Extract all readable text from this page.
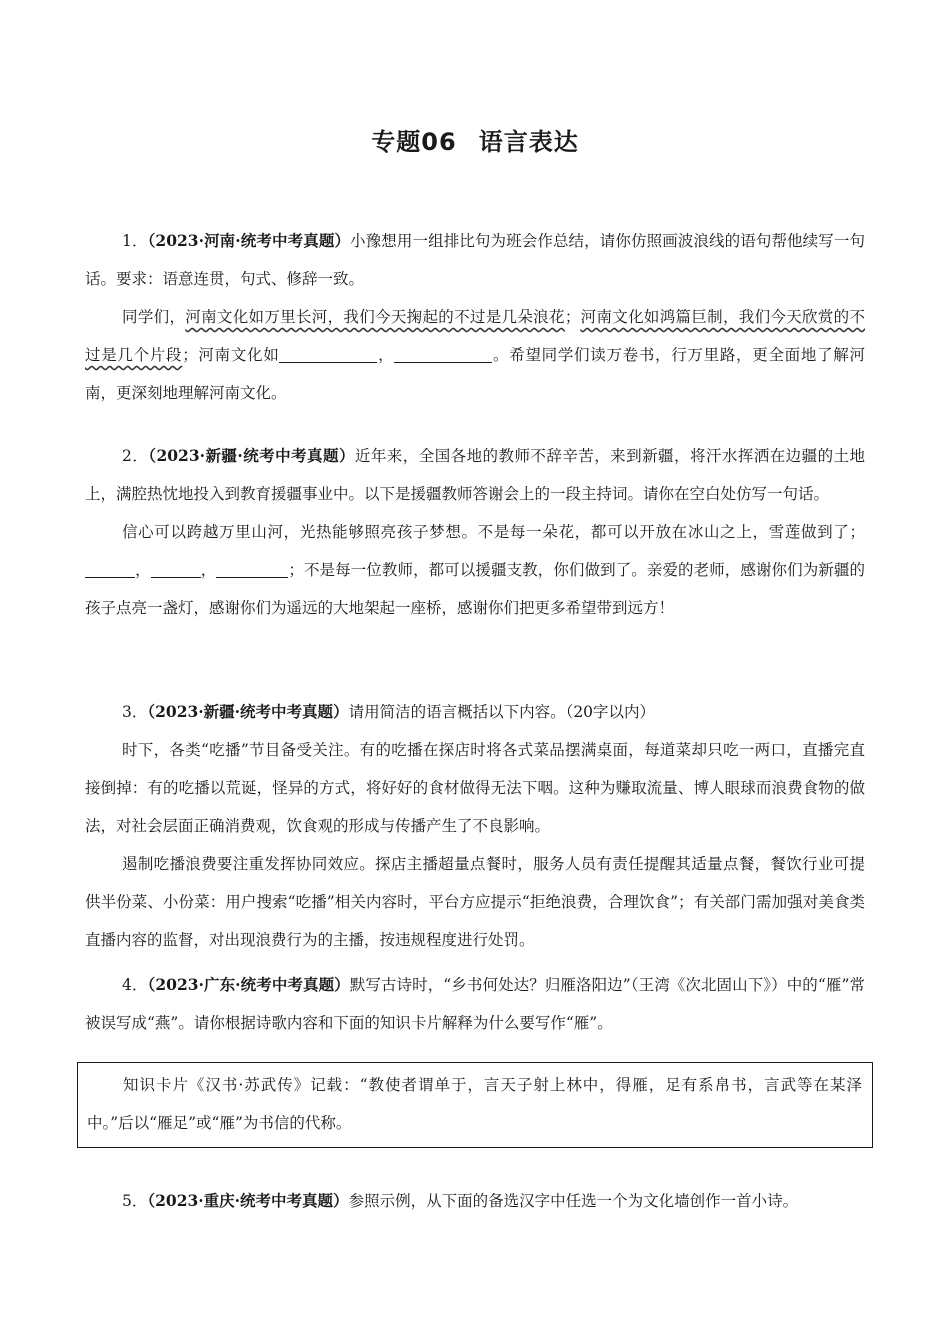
专题06 语言表达

1．（2023·河南·统考中考真题）小豫想用一组排比句为班会作总结，请你仿照画波浪线的语句帮他续写一句话。要求：语意连贯，句式、修辞一致。

同学们，河南文化如万里长河，我们今天掬起的不过是几朵浪花；河南文化如鸿篇巨制，我们今天欣赏的不过是几个片段；河南文化如	，	。希望同学们读万卷书，行万里路，更全面地了解河南，更深刻地理解河南文化。

2．（2023·新疆·统考中考真题）近年来，全国各地的教师不辞辛苦，来到新疆，将汗水挥洒在边疆的土地上，满腔热忱地投入到教育援疆事业中。以下是援疆教师答谢会上的一段主持词。请你在空白处仿写一句话。

信心可以跨越万里山河，光热能够照亮孩子梦想。不是每一朵花，都可以开放在冰山之上，雪莲做到了；，	，	；不是每一位教师，都可以援疆支教，你们做到了。亲爱的老师，感谢你们为新疆的孩子点亮一盏灯，感谢你们为遥远的大地架起一座桥，感谢你们把更多希望带到远方！

3．（2023·新疆·统考中考真题）请用简洁的语言概括以下内容。（20字以内）

时下，各类“吃播”节目备受关注。有的吃播在探店时将各式菜品摆满桌面，每道菜却只吃一两口，直播完直接倒掉：有的吃播以荒诞，怪异的方式，将好好的食材做得无法下咽。这种为赚取流量、博人眼球而浪费食物的做法，对社会层面正确消费观，饮食观的形成与传播产生了不良影响。

遏制吃播浪费要注重发挥协同效应。探店主播超量点餐时，服务人员有责任提醒其适量点餐，餐饮行业可提供半份菜、小份菜：用户搜索“吃播”相关内容时，平台方应提示“拒绝浪费，合理饮食”；有关部门需加强对美食类直播内容的监督，对出现浪费行为的主播，按违规程度进行处罚。

4．（2023·广东·统考中考真题）默写古诗时，“乡书何处达？归雁洛阳边”（王湾《次北固山下》）中的“雁”常被误写成“燕”。请你根据诗歌内容和下面的知识卡片解释为什么要写作“雁”。

知识卡片《汉书·苏武传》记载：“教使者谓单于，言天子射上林中，得雁，足有系帛书，言武等在某泽中。”后以“雁足”或“雁”为书信的代称。

5．（2023·重庆·统考中考真题）参照示例，从下面的备选汉字中任选一个为文化墙创作一首小诗。
